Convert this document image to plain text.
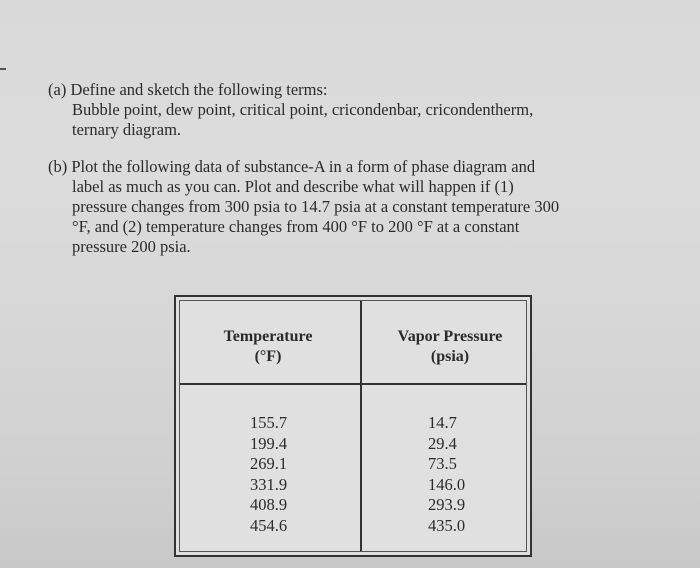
(a) Define and sketch the following terms:
Bubble point, dew point, critical point, cricondenbar, cricondentherm,
ternary diagram.
(b) Plot the following data of substance-A in a form of phase diagram and
label as much as you can. Plot and describe what will happen if (1)
pressure changes from 300 psia to 14.7 psia at a constant temperature 300
°F, and (2) temperature changes from 400 °F to 200 °F at a constant
pressure 200 psia.
Temperature
(°F)
Vapor Pressure
(psia)
155.7
199.4
269.1
331.9
408.9
454.6
14.7
29.4
73.5
146.0
293.9
435.0
